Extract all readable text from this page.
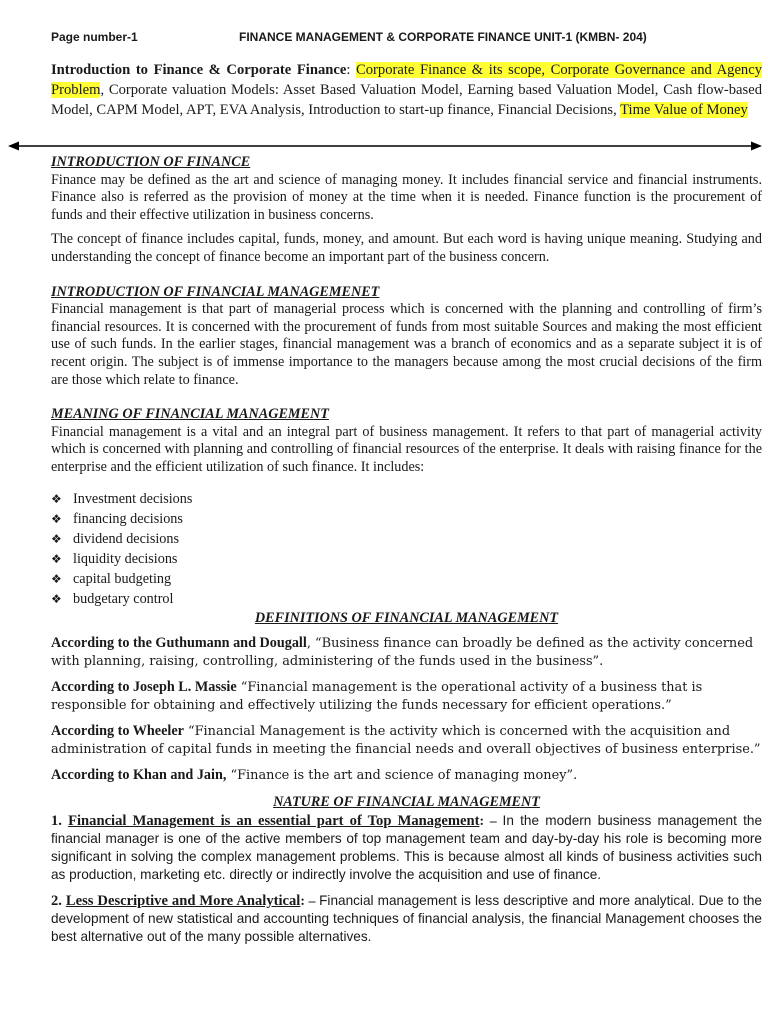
Page number-1	FINANCE MANAGEMENT & CORPORATE FINANCE UNIT-1 (KMBN- 204)
Introduction to Finance & Corporate Finance: Corporate Finance & its scope, Corporate Governance and Agency Problem, Corporate valuation Models: Asset Based Valuation Model, Earning based Valuation Model, Cash flow-based Model, CAPM Model, APT, EVA Analysis, Introduction to start-up finance, Financial Decisions, Time Value of Money

INTRODUCTION OF FINANCE

Finance may be defined as the art and science of managing money. It includes financial service and financial instruments. Finance also is referred as the provision of money at the time when it is needed. Finance function is the procurement of funds and their effective utilization in business concerns.

The concept of finance includes capital, funds, money, and amount. But each word is having unique meaning. Studying and understanding the concept of finance become an important part of the business concern.

INTRODUCTION OF FINANCIAL MANAGEMENET

Financial management is that part of managerial process which is concerned with the planning and controlling of firm’s financial resources. It is concerned with the procurement of funds from most suitable Sources and making the most efficient use of such funds. In the earlier stages, financial management was a branch of economics and as a separate subject it is of recent origin. The subject is of immense importance to the managers because among the most crucial decisions of the firm are those which relate to finance.

MEANING OF FINANCIAL MANAGEMENT

Financial management is a vital and an integral part of business management. It refers to that part of managerial activity which is concerned with planning and controlling of financial resources of the enterprise. It deals with raising finance for the enterprise and the efficient utilization of such finance. It includes:

❖ Investment decisions
❖ financing decisions
❖ dividend decisions
❖ liquidity decisions
❖ capital budgeting
❖ budgetary control

DEFINITIONS OF FINANCIAL MANAGEMENT

According to the Guthumann and Dougall, “Business finance can broadly be defined as the activity concerned with planning, raising, controlling, administering of the funds used in the business”.

According to Joseph L. Massie “Financial management is the operational activity of a business that is responsible for obtaining and effectively utilizing the funds necessary for efficient operations.”

According to Wheeler “Financial Management is the activity which is concerned with the acquisition and administration of capital funds in meeting the financial needs and overall objectives of business enterprise.”

According to Khan and Jain, “Finance is the art and science of managing money”.

NATURE OF FINANCIAL MANAGEMENT

1. Financial Management is an essential part of Top Management: – In the modern business management the financial manager is one of the active members of top management team and day-by-day his role is becoming more significant in solving the complex management problems. This is because almost all kinds of business activities such as production, marketing etc. directly or indirectly involve the acquisition and use of finance.

2. Less Descriptive and More Analytical: – Financial management is less descriptive and more analytical. Due to the development of new statistical and accounting techniques of financial analysis, the financial Management chooses the best alternative out of the many possible alternatives.
